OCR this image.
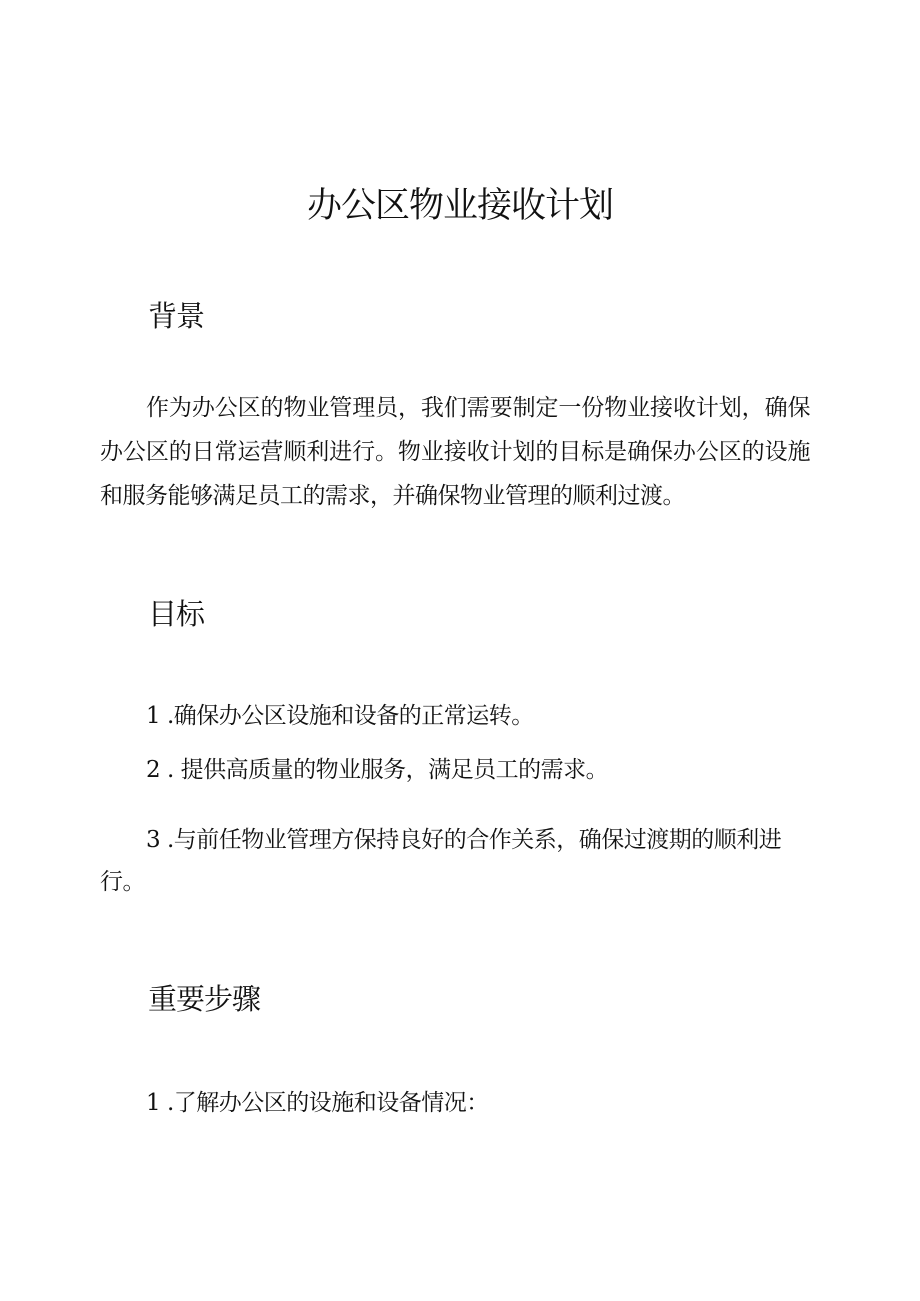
办公区物业接收计划
背景

作为办公区的物业管理员，我们需要制定一份物业接收计划，确保办公区的日常运营顺利进行。物业接收计划的目标是确保办公区的设施和服务能够满足员工的需求，并确保物业管理的顺利过渡。

目标

1 .确保办公区设施和设备的正常运转。

2 . 提供高质量的物业服务，满足员工的需求。

3 .与前任物业管理方保持良好的合作关系，确保过渡期的顺利进行。

重要步骤

1 .了解办公区的设施和设备情况：
